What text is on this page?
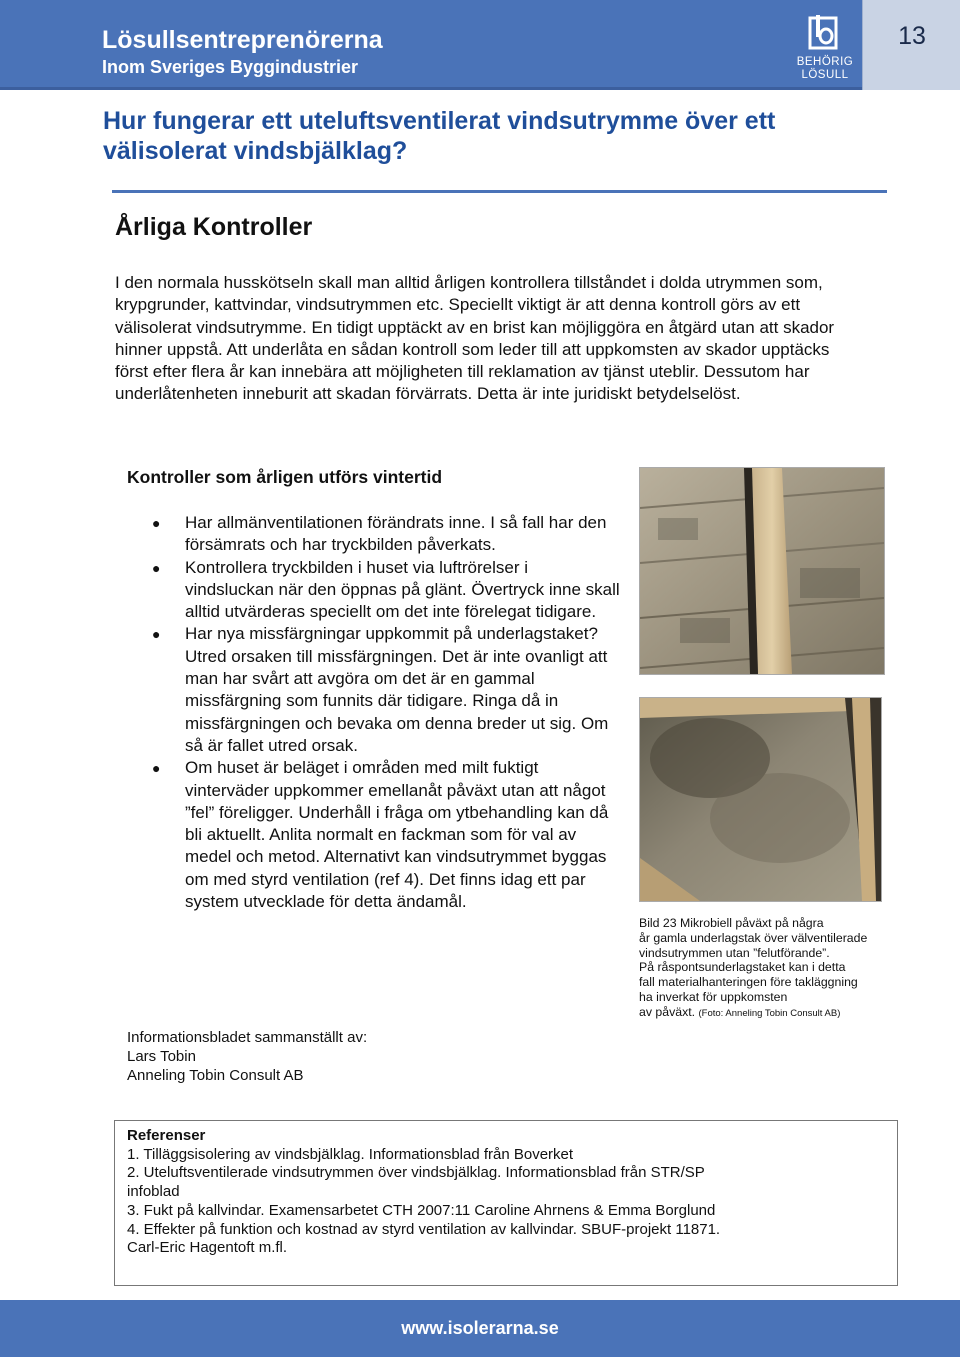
Lösullsentreprenörerna
Inom Sveriges Byggindustrier	BEHÖRIG
LÖSULL
13
Hur fungerar ett uteluftsventilerat vindsutrymme över ett välisolerat vindsbjälklag?
Årliga Kontroller

I den normala husskötseln skall man alltid årligen kontrollera tillståndet i dolda utrymmen som, krypgrunder, kattvindar, vindsutrymmen etc. Speciellt viktigt är att denna kontroll görs av ett välisolerat vindsutrymme. En tidigt upptäckt av en brist kan möjliggöra en åtgärd utan att skador hinner uppstå. Att underlåta en sådan kontroll som leder till att uppkomsten av skador upptäcks först efter flera år kan innebära att möjligheten till reklamation av tjänst uteblir. Dessutom har underlåtenheten inneburit att skadan förvärrats. Detta är inte juridiskt betydelselöst.

Kontroller som årligen utförs vintertid
● Har allmänventilationen förändrats inne. I så fall har den försämrats och har tryckbilden påverkats.
● Kontrollera tryckbilden i huset via luftrörelser i vindsluckan när den öppnas på glänt. Övertryck inne skall alltid utvärderas speciellt om det inte förelegat tidigare.
● Har nya missfärgningar uppkommit på underlagstaket? Utred orsaken till missfärgningen. Det är inte ovanligt att man har svårt att avgöra om det är en gammal missfärgning som funnits där tidigare. Ringa då in missfärgningen och bevaka om denna breder ut sig. Om så är fallet utred orsak.
● Om huset är beläget i områden med milt fuktigt vinterväder uppkommer emellanåt påväxt utan att något ”fel” föreligger. Underhåll i fråga om ytbehandling kan då bli aktuellt. Anlita normalt en fackman som för val av medel och metod. Alternativt kan vindsutrymmet byggas om med styrd ventilation (ref 4). Det finns idag ett par system utvecklade för detta ändamål.
Informationsbladet sammanställt av:
Lars Tobin
Anneling Tobin Consult AB
Bild 23 Mikrobiell påväxt på några
år gamla underlagstak över välventilerade
vindsutrymmen utan ”felutförande”.
På råspontsunderlagstaket kan i detta
fall materialhanteringen före takläggning
ha inverkat för uppkomsten
av påväxt. (Foto: Anneling Tobin Consult AB)
Referenser
1. Tilläggsisolering av vindsbjälklag. Informationsblad från Boverket
2. Uteluftsventilerade vindsutrymmen över vindsbjälklag. Informationsblad från STR/SP infoblad
3. Fukt på kallvindar. Examensarbetet CTH 2007:11 Caroline Ahrnens & Emma Borglund
4. Effekter på funktion och kostnad av styrd ventilation av kallvindar. SBUF-projekt 11871. Carl-Eric Hagentoft m.fl.
www.isolerarna.se
